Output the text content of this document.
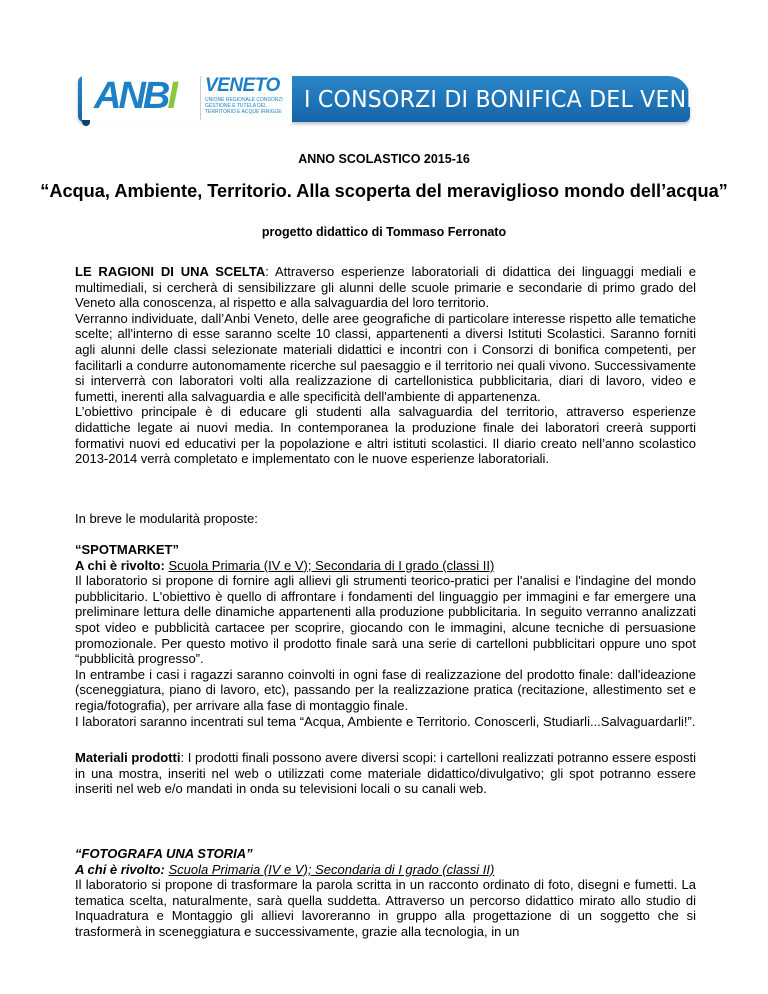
ANBI VENETO
UNIONE REGIONALE CONSORZI GESTIONE E TUTELA DEL TERRITORIO E ACQUE IRRIGUE I CONSORZI DI BONIFICA DEL VENETO
ANNO SCOLASTICO 2015-16
“Acqua, Ambiente, Territorio. Alla scoperta del meraviglioso mondo dell’acqua”
progetto didattico di Tommaso Ferronato

LE RAGIONI DI UNA SCELTA: Attraverso esperienze laboratoriali di didattica dei linguaggi mediali e multimediali, si cercherà di sensibilizzare gli alunni delle scuole primarie e secondarie di primo grado del Veneto alla conoscenza, al rispetto e alla salvaguardia del loro territorio.

Verranno individuate, dall’Anbi Veneto, delle aree geografiche di particolare interesse rispetto alle tematiche scelte; all'interno di esse saranno scelte 10 classi, appartenenti a diversi Istituti Scolastici. Saranno forniti agli alunni delle classi selezionate materiali didattici e incontri con i Consorzi di bonifica competenti, per facilitarli a condurre autonomamente ricerche sul paesaggio e il territorio nei quali vivono. Successivamente si interverrà con laboratori volti alla realizzazione di cartellonistica pubblicitaria, diari di lavoro, video e fumetti, inerenti alla salvaguardia e alle specificità dell'ambiente di appartenenza.

L’obiettivo principale è di educare gli studenti alla salvaguardia del territorio, attraverso esperienze didattiche legate ai nuovi media. In contemporanea la produzione finale dei laboratori creerà supporti formativi nuovi ed educativi per la popolazione e altri istituti scolastici. Il diario creato nell’anno scolastico 2013-2014 verrà completato e implementato con le nuove esperienze laboratoriali.

In breve le modularità proposte:

“SPOTMARKET”

A chi è rivolto: Scuola Primaria (IV e V); Secondaria di I grado (classi II)

Il laboratorio si propone di fornire agli allievi gli strumenti teorico-pratici per l'analisi e l'indagine del mondo pubblicitario. L'obiettivo è quello di affrontare i fondamenti del linguaggio per immagini e far emergere una preliminare lettura delle dinamiche appartenenti alla produzione pubblicitaria. In seguito verranno analizzati spot video e pubblicità cartacee per scoprire, giocando con le immagini, alcune tecniche di persuasione promozionale. Per questo motivo il prodotto finale sarà una serie di cartelloni pubblicitari oppure uno spot “pubblicità progresso”.

In entrambe i casi i ragazzi saranno coinvolti in ogni fase di realizzazione del prodotto finale: dall'ideazione (sceneggiatura, piano di lavoro, etc), passando per la realizzazione pratica (recitazione, allestimento set e regia/fotografia), per arrivare alla fase di montaggio finale.

I laboratori saranno incentrati sul tema “Acqua, Ambiente e Territorio. Conoscerli, Studiarli...Salvaguardarli!”.

Materiali prodotti: I prodotti finali possono avere diversi scopi: i cartelloni realizzati potranno essere esposti in una mostra, inseriti nel web o utilizzati come materiale didattico/divulgativo; gli spot potranno essere inseriti nel web e/o mandati in onda su televisioni locali o su canali web.

“FOTOGRAFA UNA STORIA”

A chi è rivolto: Scuola Primaria (IV e V); Secondaria di I grado (classi II)

Il laboratorio si propone di trasformare la parola scritta in un racconto ordinato di foto, disegni e fumetti. La tematica scelta, naturalmente, sarà quella suddetta. Attraverso un percorso didattico mirato allo studio di Inquadratura e Montaggio gli allievi lavoreranno in gruppo alla progettazione di un soggetto che si trasformerà in sceneggiatura e successivamente, grazie alla tecnologia, in un
